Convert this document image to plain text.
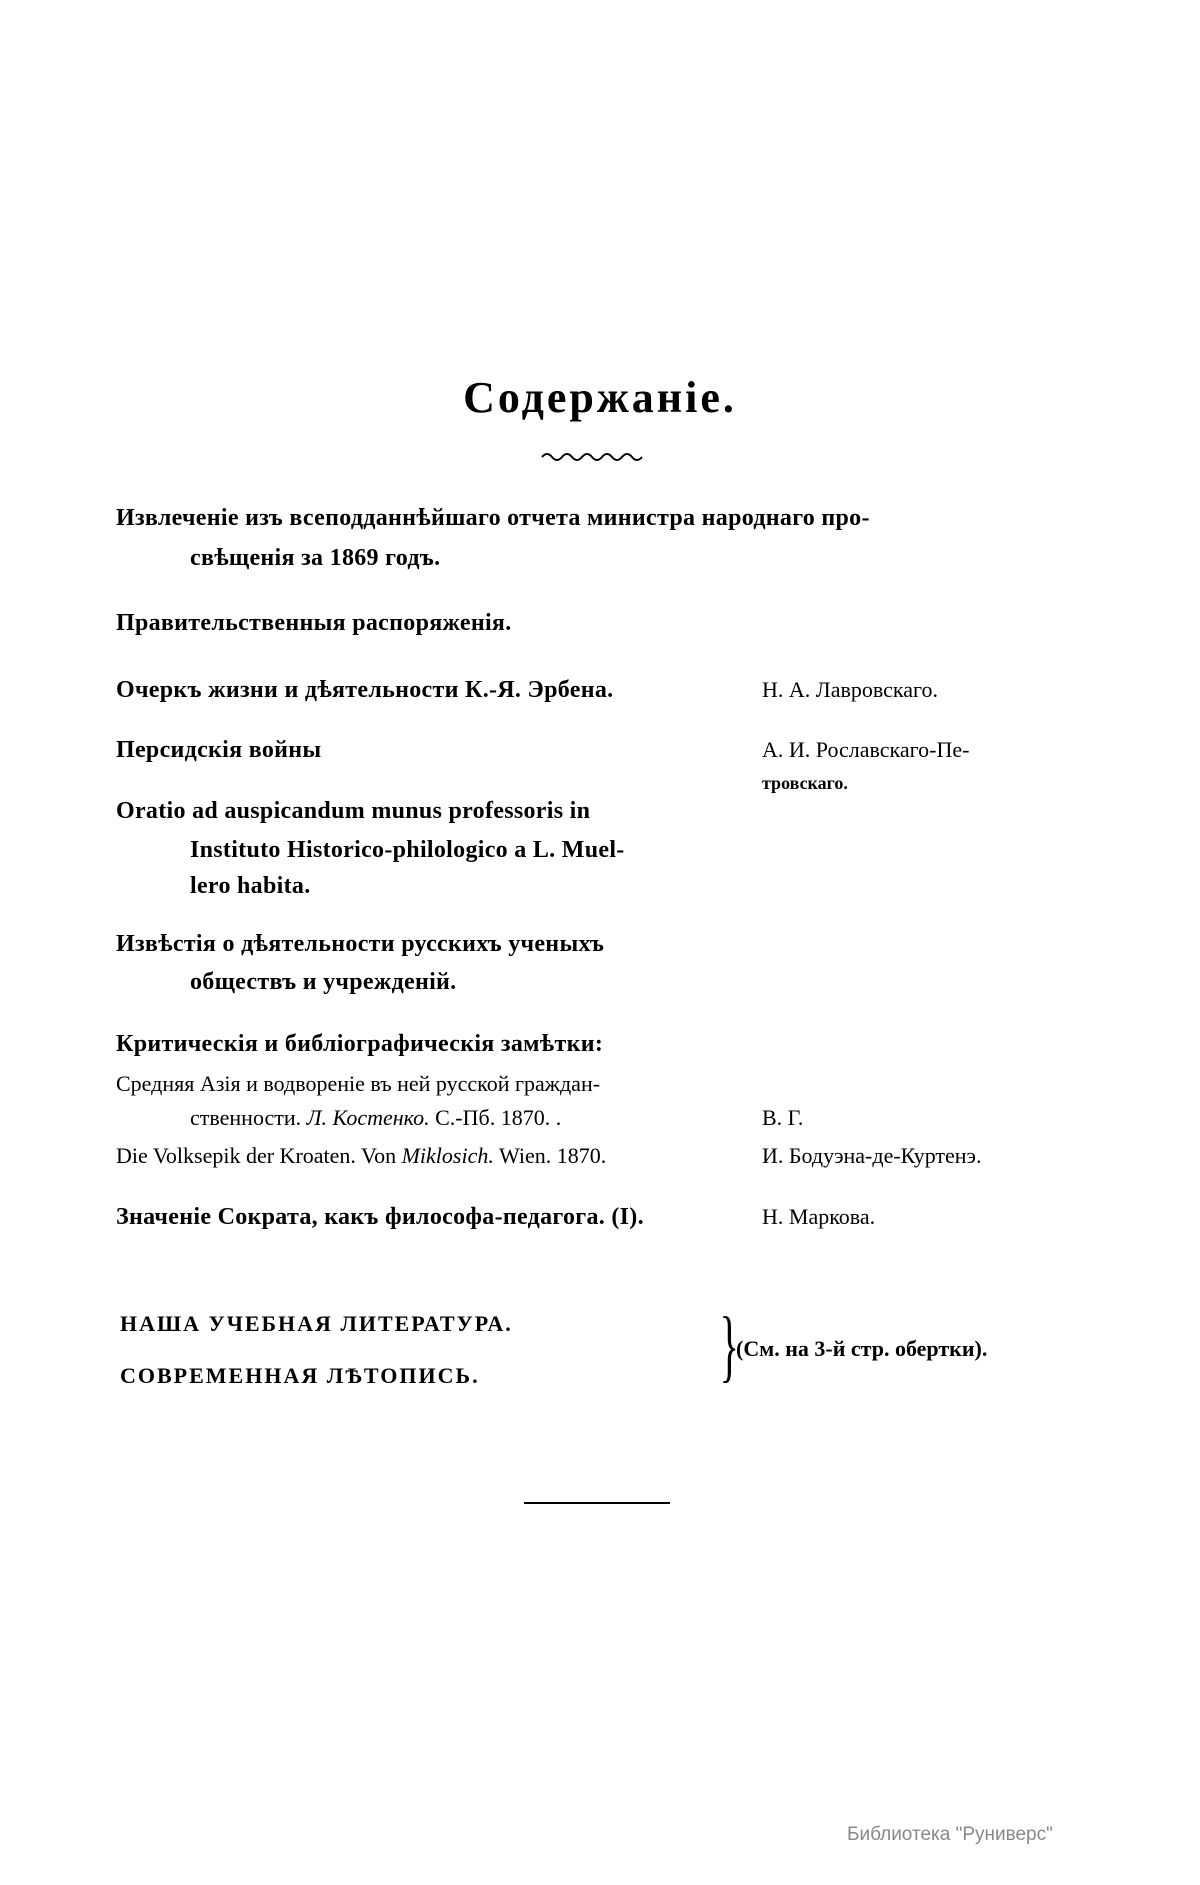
Содержаніе.
Извлеченіе изъ всеподданнѣйшаго отчета министра народнаго про-
свѣщенія за 1869 годъ.
Правительственныя распоряженія.
Очеркъ жизни и дѣятельности К.-Я. Эрбена.	Н. А. Лавровскаго.
Персидскія войны	А. И. Рославскаго-Пе-
тровскаго.
Oratio ad auspicandum munus professoris in
Instituto Historico-philologico a L. Muel-
lero habita.
Извѣстія о дѣятельности русскихъ ученыхъ
обществъ и учрежденій.
Критическія и библіографическія замѣтки:
Средняя Азія и водвореніе въ ней русской граждан-
ственности. Л. Костенко. С.-Пб. 1870. .	В. Г.
Die Volksepik der Kroaten. Von Miklosich. Wien. 1870.	И. Бодуэна-де-Куртенэ.
Значеніе Сократа, какъ философа-педагога. (I).	Н. Маркова.
НАША УЧЕБНАЯ ЛИТЕРАТУРА.
СОВРЕМЕННАЯ ЛѢТОПИСЬ.	}
(См. на 3-й стр. обертки).
Библиотека "Руниверс"
